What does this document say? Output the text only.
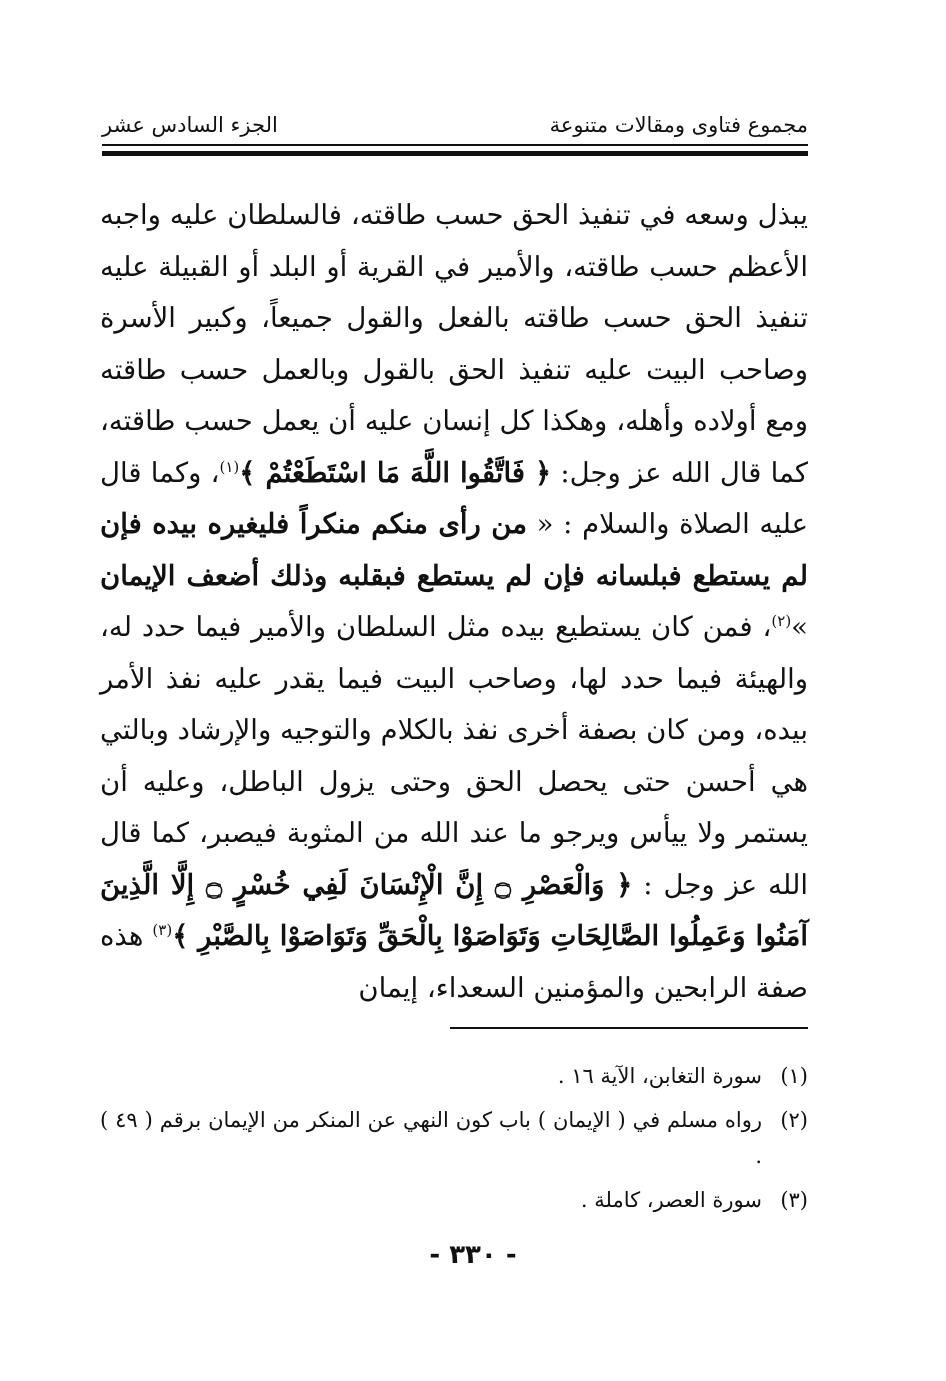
مجموع فتاوى ومقالات متنوعة
الجزء السادس عشر
يبذل وسعه في تنفيذ الحق حسب طاقته، فالسلطان عليه واجبه الأعظم حسب طاقته، والأمير في القرية أو البلد أو القبيلة عليه تنفيذ الحق حسب طاقته بالفعل والقول جميعاً، وكبير الأسرة وصاحب البيت عليه تنفيذ الحق بالقول وبالعمل حسب طاقته ومع أولاده وأهله، وهكذا كل إنسان عليه أن يعمل حسب طاقته، كما قال الله عز وجل: ﴿ فَاتَّقُوا اللَّهَ مَا اسْتَطَعْتُمْ ﴾$^{(١)}$، وكما قال عليه الصلاة والسلام : « من رأى منكم منكراً فليغيره بيده فإن لم يستطع فبلسانه فإن لم يستطع فبقلبه وذلك أضعف الإيمان »$^{(٢)}$، فمن كان يستطيع بيده مثل السلطان والأمير فيما حدد له، والهيئة فيما حدد لها، وصاحب البيت فيما يقدر عليه نفذ الأمر بيده، ومن كان بصفة أخرى نفذ بالكلام والتوجيه والإرشاد وبالتي هي أحسن حتى يحصل الحق وحتى يزول الباطل، وعليه أن يستمر ولا ييأس ويرجو ما عند الله من المثوبة فيصبر، كما قال الله عز وجل : ﴿ وَالْعَصْرِ ۝ إِنَّ الْإِنْسَانَ لَفِي خُسْرٍ ۝ إِلَّا الَّذِينَ آمَنُوا وَعَمِلُوا الصَّالِحَاتِ وَتَوَاصَوْا بِالْحَقِّ وَتَوَاصَوْا بِالصَّبْرِ ﴾$^{(٣)}$ هذه صفة الرابحين والمؤمنين السعداء، إيمان
(١)
سورة التغابن، الآية ١٦ .
(٢)
رواه مسلم في ( الإيمان ) باب كون النهي عن المنكر من الإيمان برقم ( ٤٩ ) .
(٣)
سورة العصر، كاملة .
- ٣٣٠ -
